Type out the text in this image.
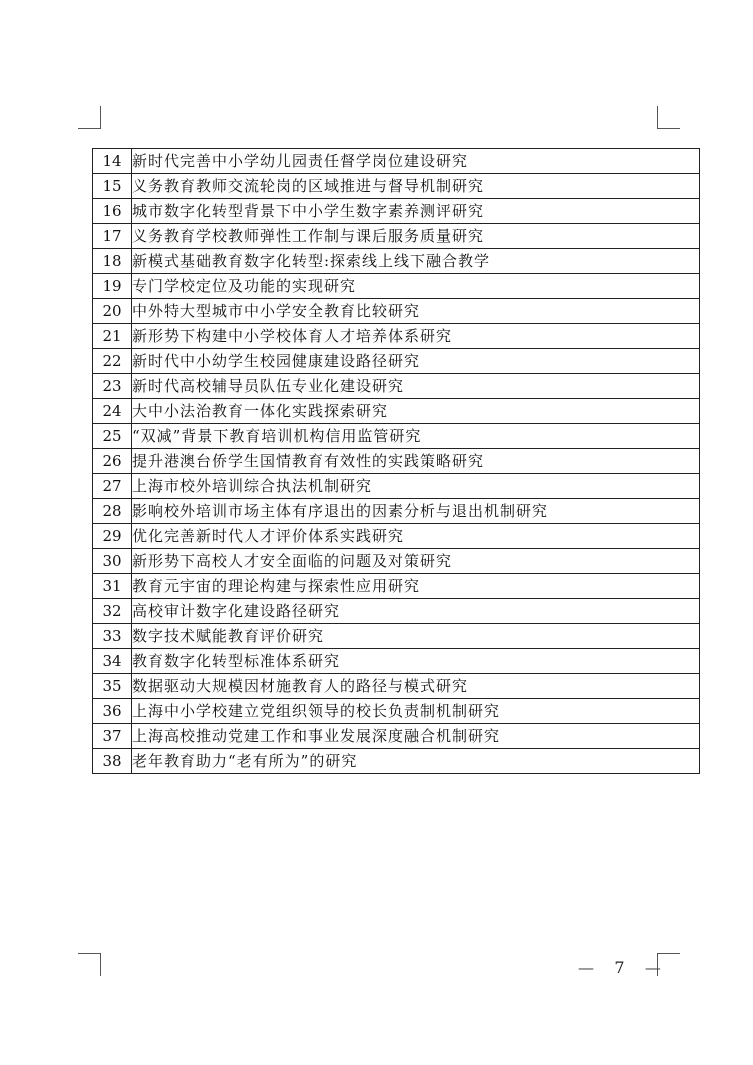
14	新时代完善中小学幼儿园责任督学岗位建设研究
15	义务教育教师交流轮岗的区域推进与督导机制研究
16	城市数字化转型背景下中小学生数字素养测评研究
17	义务教育学校教师弹性工作制与课后服务质量研究
18	新模式基础教育数字化转型:探索线上线下融合教学
19	专门学校定位及功能的实现研究
20	中外特大型城市中小学安全教育比较研究
21	新形势下构建中小学校体育人才培养体系研究
22	新时代中小幼学生校园健康建设路径研究
23	新时代高校辅导员队伍专业化建设研究
24	大中小法治教育一体化实践探索研究
25	“双减”背景下教育培训机构信用监管研究
26	提升港澳台侨学生国情教育有效性的实践策略研究
27	上海市校外培训综合执法机制研究
28	影响校外培训市场主体有序退出的因素分析与退出机制研究
29	优化完善新时代人才评价体系实践研究
30	新形势下高校人才安全面临的问题及对策研究
31	教育元宇宙的理论构建与探索性应用研究
32	高校审计数字化建设路径研究
33	数字技术赋能教育评价研究
34	教育数字化转型标准体系研究
35	数据驱动大规模因材施教育人的路径与模式研究
36	上海中小学校建立党组织领导的校长负责制机制研究
37	上海高校推动党建工作和事业发展深度融合机制研究
38	老年教育助力“老有所为”的研究
— 7 —
